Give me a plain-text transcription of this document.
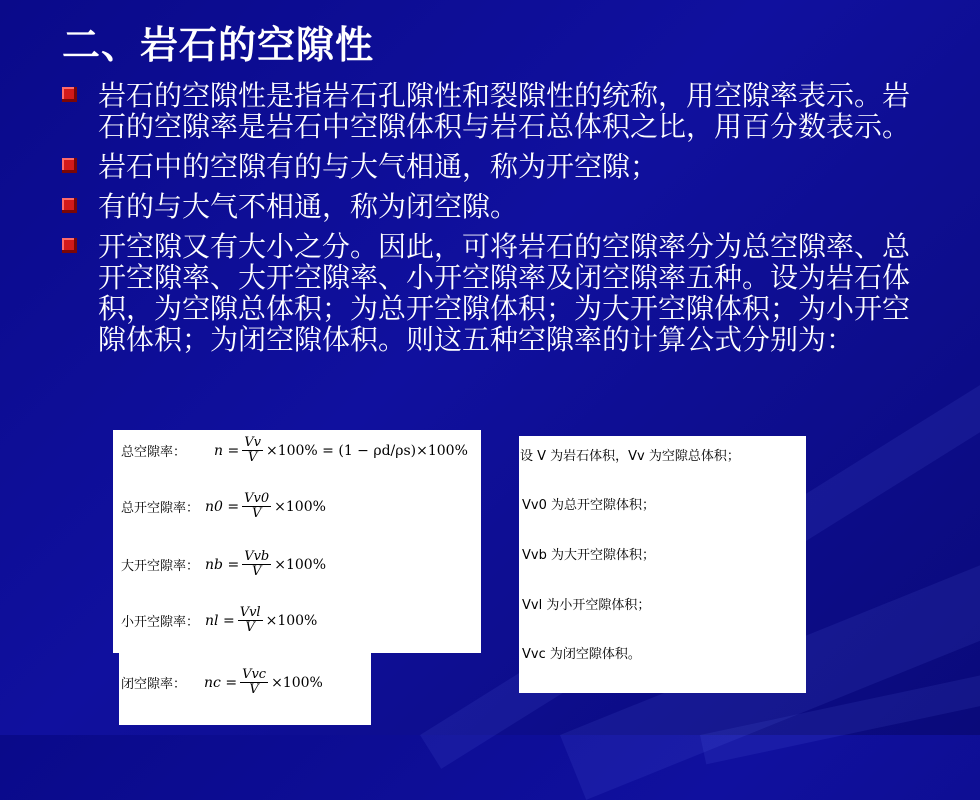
二、岩石的空隙性
岩石的空隙性是指岩石孔隙性和裂隙性的统称，用空隙率表示。岩石的空隙率是岩石中空隙体积与岩石总体积之比，用百分数表示。
岩石中的空隙有的与大气相通，称为开空隙；
有的与大气不相通，称为闭空隙。
开空隙又有大小之分。因此，可将岩石的空隙率分为总空隙率、总开空隙率、大开空隙率、小开空隙率及闭空隙率五种。设为岩石体积，为空隙总体积；为总开空隙体积；为大开空隙体积；为小开空隙体积；为闭空隙体积。则这五种空隙率的计算公式分别为：
总空隙率： $n = \frac{Vv}{V} \times 100\% = (1 - \rho d/\rho s)\times 100\%$
总开空隙率： $n0 = \frac{Vv0}{V} \times 100\%$
大开空隙率： nb = $\frac{\text{Vvb}}{V} \times 100\%$
小开空隙率： nl = $\frac{\text{Vvl}}{V} \times 100\%$
闭空隙率： nc = $\frac{\text{Vvc}}{V} \times 100\%$
设 V 为岩石体积，Vv 为空隙总体积；
Vv0 为总开空隙体积；
Vvb 为大开空隙体积；
Vvl 为小开空隙体积；
Vvc 为闭空隙体积。
